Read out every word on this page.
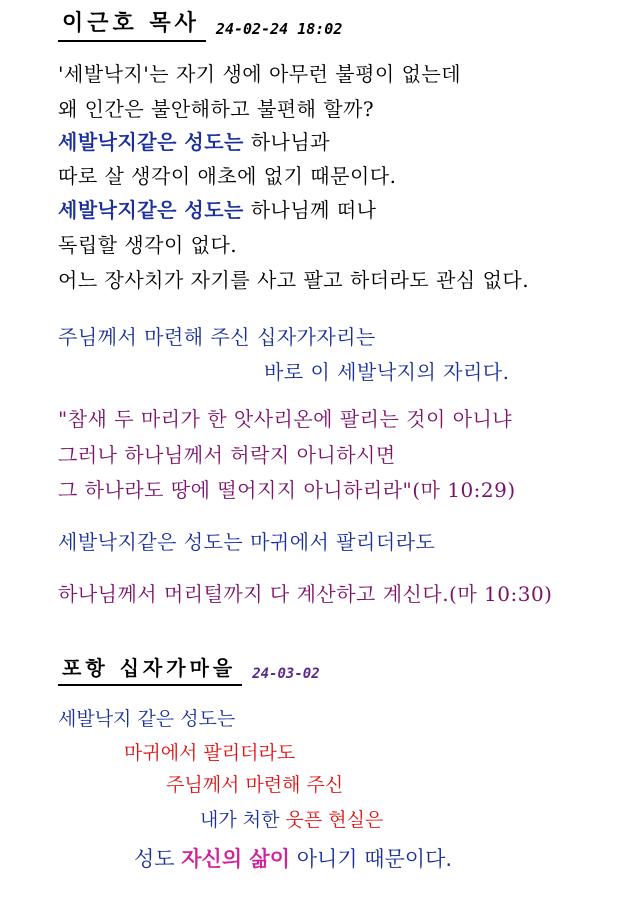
이근호 목사	24-02-24 18:02
'세발낙지'는 자기 생에 아무런 불평이 없는데
왜 인간은 불안해하고 불편해 할까?
세발낙지같은 성도는 하나님과
따로 살 생각이 애초에 없기 때문이다.
세발낙지같은 성도는 하나님께 떠나
독립할 생각이 없다.
어느 장사치가 자기를 사고 팔고 하더라도 관심 없다.
주님께서 마련해 주신 십자가자리는
바로 이 세발낙지의 자리다.
"참새 두 마리가 한 앗사리온에 팔리는 것이 아니냐
그러나 하나님께서 허락지 아니하시면
그 하나라도 땅에 떨어지지 아니하리라"(마 10:29)
세발낙지같은 성도는 마귀에서 팔리더라도
하나님께서 머리털까지 다 계산하고 계신다.(마 10:30)
포항 십자가마을	24-03-02
세발낙지 같은 성도는
마귀에서 팔리더라도
주님께서 마련해 주신
내가 처한 웃픈 현실은
성도 자신의 삶이 아니기 때문이다.
